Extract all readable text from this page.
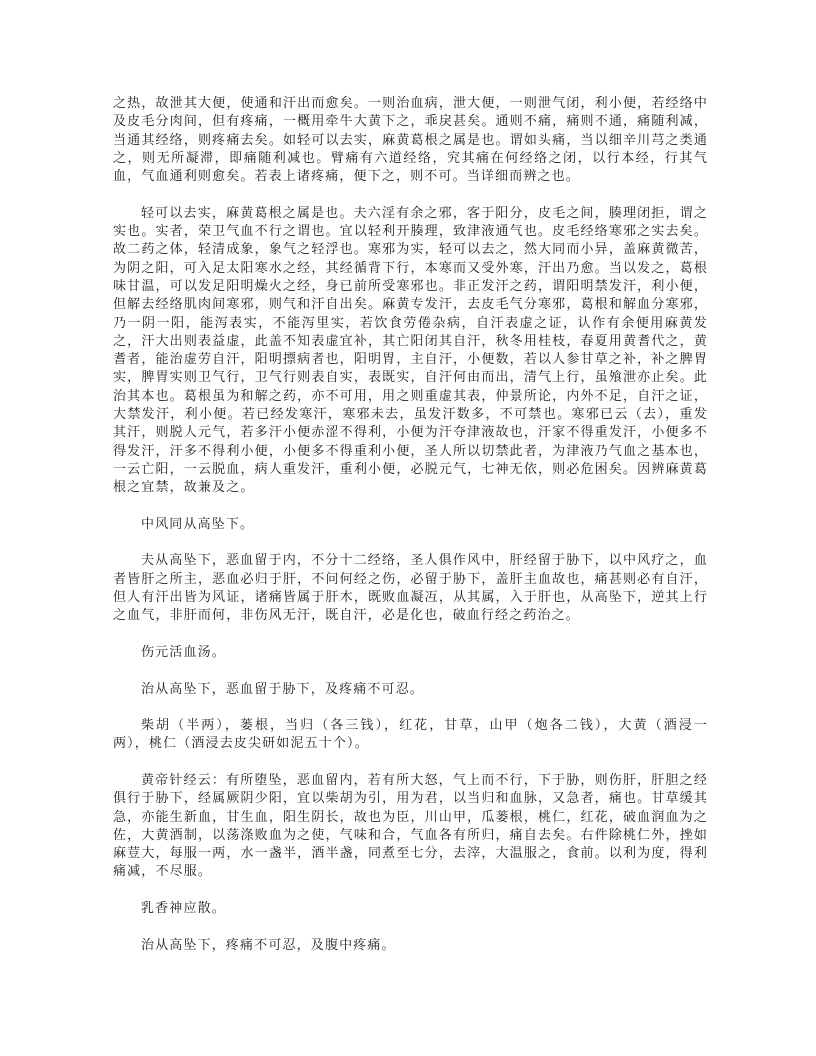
之热，故泄其大便，使通和汗出而愈矣。一则治血病，泄大便，一则泄气闭，利小便，若经络中及皮毛分肉间，但有疼痛，一概用牵牛大黄下之，乖戾甚矣。通则不痛，痛则不通，痛随利减，当通其经络，则疼痛去矣。如轻可以去实，麻黄葛根之属是也。谓如头痛，当以细辛川芎之类通之，则无所凝滞，即痛随利减也。臂痛有六道经络，究其痛在何经络之闭，以行本经，行其气血，气血通利则愈矣。若表上诸疼痛，便下之，则不可。当详细而辨之也。

轻可以去实，麻黄葛根之属是也。夫六淫有余之邪，客于阳分，皮毛之间，腠理闭拒，谓之实也。实者，荣卫气血不行之谓也。宜以轻利开腠理，致津液通气也。皮毛经络寒邪之实去矣。故二药之体，轻清成象，象气之轻浮也。寒邪为实，轻可以去之，然大同而小异，盖麻黄微苦，为阴之阳，可入足太阳寒水之经，其经循背下行，本寒而又受外寒，汗出乃愈。当以发之，葛根味甘温，可以发足阳明燥火之经，身已前所受寒邪也。非正发汗之药，谓阳明禁发汗，利小便，但解去经络肌肉间寒邪，则气和汗自出矣。麻黄专发汗，去皮毛气分寒邪，葛根和解血分寒邪，乃一阴一阳，能泻表实，不能泻里实，若饮食劳倦杂病，自汗表虚之证，认作有余便用麻黄发之，汗大出则表益虚，此盖不知表虚宜补，其亡阳闭其自汗，秋冬用桂枝，春夏用黄耆代之，黄耆者，能治虚劳自汗，阳明摽病者也，阳明胃，主自汗，小便数，若以人参甘草之补，补之脾胃实，脾胃实则卫气行，卫气行则表自实，表既实，自汗何由而出，清气上行，虽飧泄亦止矣。此治其本也。葛根虽为和解之药，亦不可用，用之则重虚其表，仲景所论，内外不足，自汗之证，大禁发汗，利小便。若已经发寒汗，寒邪未去，虽发汗数多，不可禁也。寒邪已云（去），重发其汗，则脱人元气，若多汗小便赤涩不得利，小便为汗夺津液故也，汗家不得重发汗，小便多不得发汗，汗多不得利小便，小便多不得重利小便，圣人所以切禁此者，为津液乃气血之基本也，一云亡阳，一云脱血，病人重发汗，重利小便，必脱元气，七神无依，则必危困矣。因辨麻黄葛根之宜禁，故兼及之。

中风同从高坠下。

夫从高坠下，恶血留于内，不分十二经络，圣人俱作风中，肝经留于胁下，以中风疗之，血者皆肝之所主，恶血必归于肝，不问何经之伤，必留于胁下，盖肝主血故也，痛甚则必有自汗，但人有汗出皆为风证，诸痛皆属于肝木，既败血凝冱，从其属，入于肝也，从高坠下，逆其上行之血气，非肝而何，非伤风无汗，既自汗，必是化也，破血行经之药治之。

伤元活血汤。

治从高坠下，恶血留于胁下，及疼痛不可忍。

柴胡（半两），蒌根，当归（各三钱），红花，甘草，山甲（炮各二钱），大黄（酒浸一两），桃仁（酒浸去皮尖研如泥五十个）。

黄帝针经云：有所堕坠，恶血留内，若有所大怒，气上而不行，下于胁，则伤肝，肝胆之经俱行于胁下，经属厥阴少阳，宜以柴胡为引，用为君，以当归和血脉，又急者，痛也。甘草缓其急，亦能生新血，甘生血，阳生阴长，故也为臣，川山甲，瓜蒌根，桃仁，红花，破血润血为之佐，大黄酒制，以荡涤败血为之使，气味和合，气血各有所归，痛自去矣。右件除桃仁外，挫如麻荳大，每服一两，水一盏半，酒半盏，同煮至七分，去滓，大温服之，食前。以利为度，得利痛减，不尽服。

乳香神应散。

治从高坠下，疼痛不可忍，及腹中疼痛。
